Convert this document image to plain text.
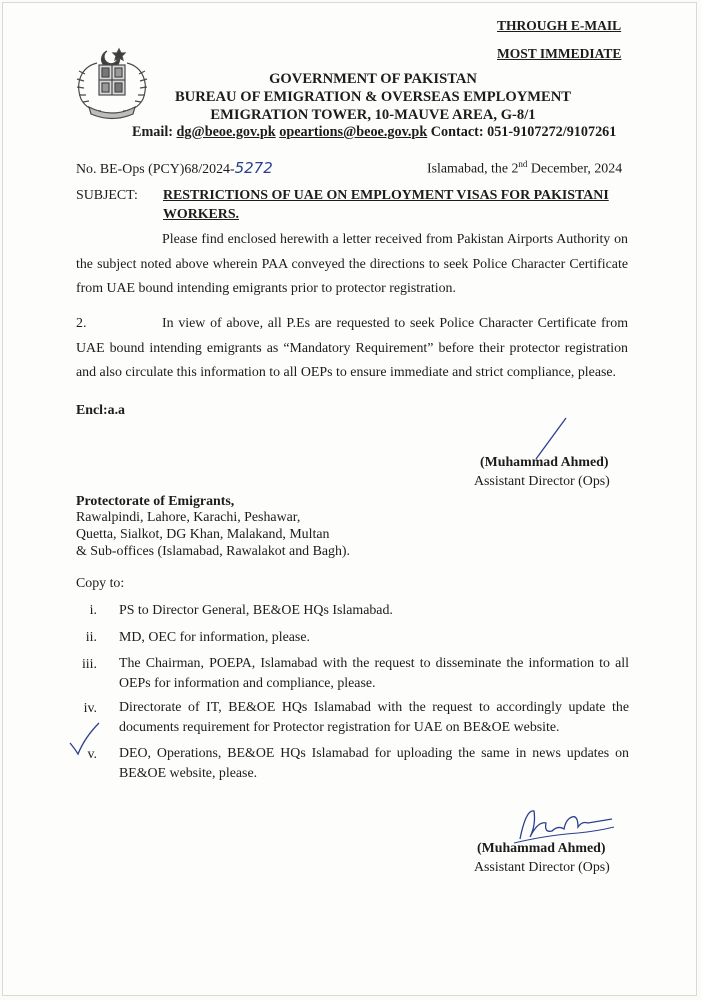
THROUGH E-MAIL
MOST IMMEDIATE
GOVERNMENT OF PAKISTAN
BUREAU OF EMIGRATION & OVERSEAS EMPLOYMENT
EMIGRATION TOWER, 10-MAUVE AREA, G-8/1
Email: dg@beoe.gov.pk opeartions@beoe.gov.pk Contact: 051-9107272/9107261
No. BE-Ops (PCY)68/2024-5272	Islamabad, the 2nd December, 2024
SUBJECT: RESTRICTIONS OF UAE ON EMPLOYMENT VISAS FOR PAKISTANI
WORKERS.
Please find enclosed herewith a letter received from Pakistan Airports Authority on the subject noted above wherein PAA conveyed the directions to seek Police Character Certificate from UAE bound intending emigrants prior to protector registration.
2.	In view of above, all P.Es are requested to seek Police Character Certificate from UAE bound intending emigrants as “Mandatory Requirement” before their protector registration and also circulate this information to all OEPs to ensure immediate and strict compliance, please.
Encl:a.a
(Muhammad Ahmed)
Assistant Director (Ops)
Protectorate of Emigrants,
Rawalpindi, Lahore, Karachi, Peshawar,
Quetta, Sialkot, DG Khan, Malakand, Multan
& Sub-offices (Islamabad, Rawalakot and Bagh).
Copy to:
i. PS to Director General, BE&OE HQs Islamabad.
ii. MD, OEC for information, please.
iii. The Chairman, POEPA, Islamabad with the request to disseminate the information to all OEPs for information and compliance, please.
iv. Directorate of IT, BE&OE HQs Islamabad with the request to accordingly update the documents requirement for Protector registration for UAE on BE&OE website.
v. DEO, Operations, BE&OE HQs Islamabad for uploading the same in news updates on BE&OE website, please.
(Muhammad Ahmed)
Assistant Director (Ops)
